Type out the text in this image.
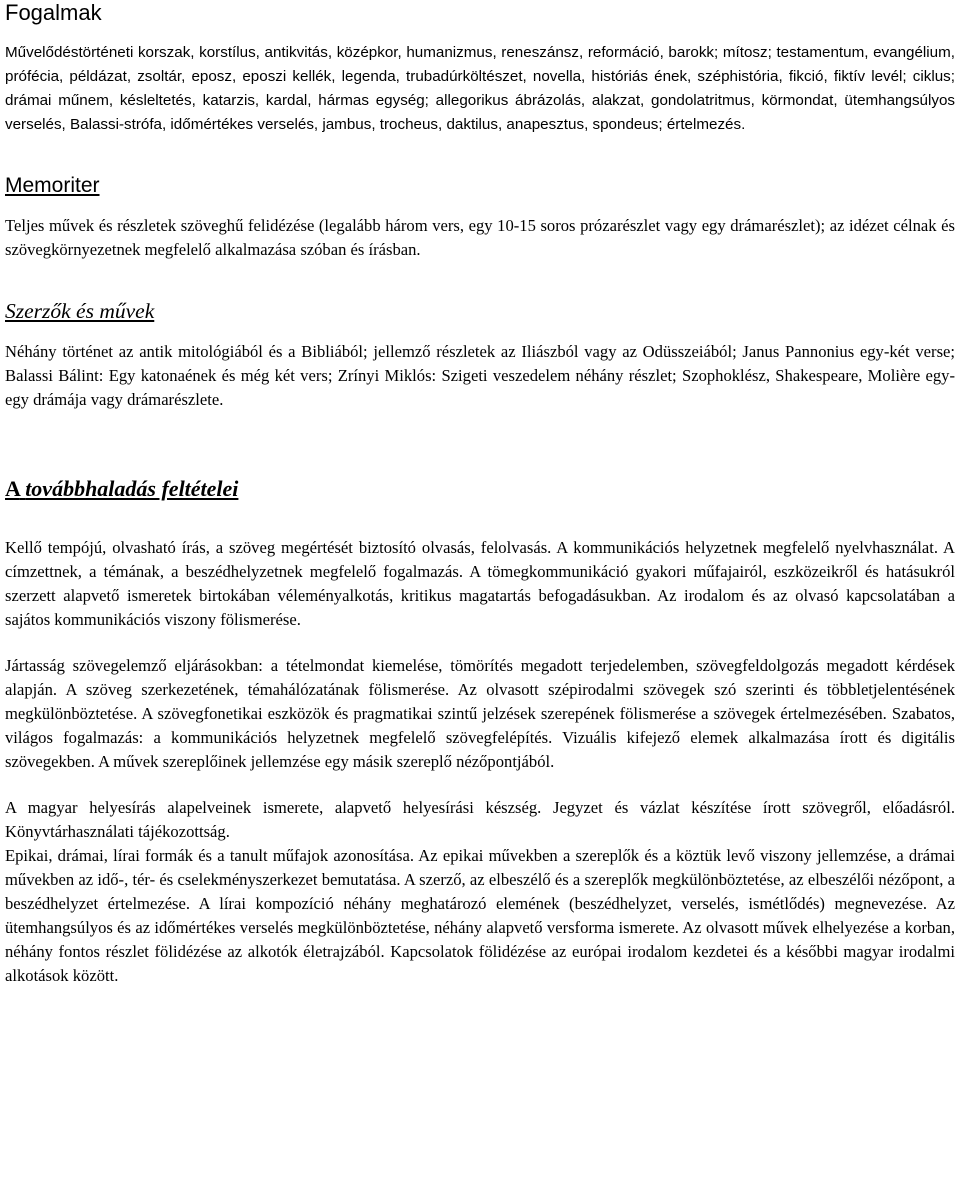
Fogalmak

Művelődéstörténeti korszak, korstílus, antikvitás, középkor, humanizmus, reneszánsz, reformáció, barokk; mítosz; testamentum, evangélium, prófécia, példázat, zsoltár, eposz, eposzi kellék, legenda, trubadúrköltészet, novella, históriás ének, széphistória, fikció, fiktív levél; ciklus; drámai műnem, késleltetés, katarzis, kardal, hármas egység; allegorikus ábrázolás, alakzat, gondolatritmus, körmondat, ütemhangsúlyos verselés, Balassi-strófa, időmértékes verselés, jambus, trocheus, daktilus, anapesztus, spondeus; értelmezés.

Memoriter

Teljes művek és részletek szöveghű felidézése (legalább három vers, egy 10-15 soros prózarészlet vagy egy drámarészlet); az idézet célnak és szövegkörnyezetnek megfelelő alkalmazása szóban és írásban.

Szerzők és művek

Néhány történet az antik mitológiából és a Bibliából; jellemző részletek az Iliászból vagy az Odüsszeiából; Janus Pannonius egy-két verse; Balassi Bálint: Egy katonaének és még két vers; Zrínyi Miklós: Szigeti veszedelem néhány részlet; Szophoklész, Shakespeare, Molière egy-egy drámája vagy drámarészlete.

A továbbhaladás feltételei

Kellő tempójú, olvasható írás, a szöveg megértését biztosító olvasás, felolvasás. A kommunikációs helyzetnek megfelelő nyelvhasználat. A címzettnek, a témának, a beszédhelyzetnek megfelelő fogalmazás. A tömegkommunikáció gyakori műfajairól, eszközeikről és hatásukról szerzett alapvető ismeretek birtokában véleményalkotás, kritikus magatartás befogadásukban. Az irodalom és az olvasó kapcsolatában a sajátos kommunikációs viszony fölismerése.

Jártasság szövegelemző eljárásokban: a tételmondat kiemelése, tömörítés megadott terjedelemben, szövegfeldolgozás megadott kérdések alapján. A szöveg szerkezetének, témahálózatának fölismerése. Az olvasott szépirodalmi szövegek szó szerinti és többletjelentésének megkülönböztetése. A szövegfonetikai eszközök és pragmatikai szintű jelzések szerepének fölismerése a szövegek értelmezésében. Szabatos, világos fogalmazás: a kommunikációs helyzetnek megfelelő szövegfelépítés. Vizuális kifejező elemek alkalmazása írott és digitális szövegekben. A művek szereplőinek jellemzése egy másik szereplő nézőpontjából.

A magyar helyesírás alapelveinek ismerete, alapvető helyesírási készség. Jegyzet és vázlat készítése írott szövegről, előadásról. Könyvtárhasználati tájékozottság.

Epikai, drámai, lírai formák és a tanult műfajok azonosítása. Az epikai művekben a szereplők és a köztük levő viszony jellemzése, a drámai művekben az idő-, tér- és cselekményszerkezet bemutatása. A szerző, az elbeszélő és a szereplők megkülönböztetése, az elbeszélői nézőpont, a beszédhelyzet értelmezése. A lírai kompozíció néhány meghatározó elemének (beszédhelyzet, verselés, ismétlődés) megnevezése. Az ütemhangsúlyos és az időmértékes verselés megkülönböztetése, néhány alapvető versforma ismerete. Az olvasott művek elhelyezése a korban, néhány fontos részlet fölidézése az alkotók életrajzából. Kapcsolatok fölidézése az európai irodalom kezdetei és a későbbi magyar irodalmi alkotások között.
